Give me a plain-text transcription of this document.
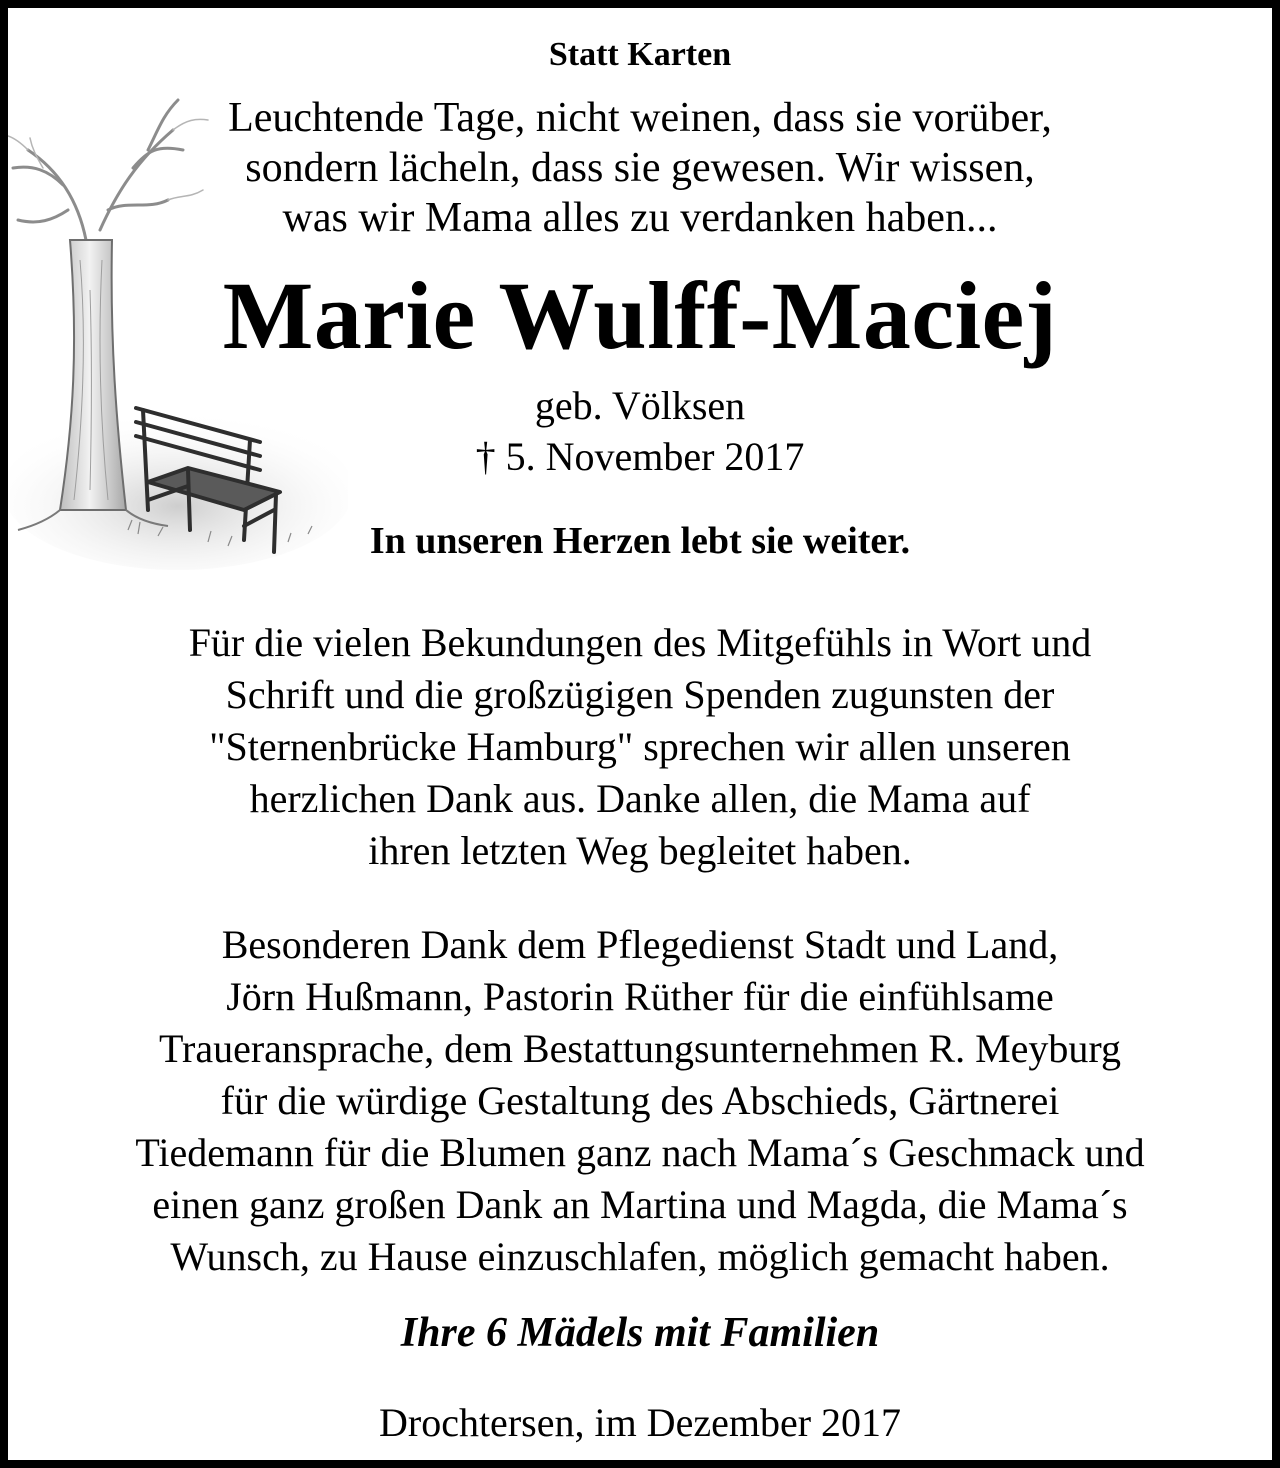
Statt Karten
Leuchtende Tage, nicht weinen, dass sie vorüber,
sondern lächeln, dass sie gewesen. Wir wissen,
was wir Mama alles zu verdanken haben...
Marie Wulff-Maciej
geb. Völksen
† 5. November 2017
In unseren Herzen lebt sie weiter.
Für die vielen Bekundungen des Mitgefühls in Wort und
Schrift und die großzügigen Spenden zugunsten der
"Sternenbrücke Hamburg" sprechen wir allen unseren
herzlichen Dank aus. Danke allen, die Mama auf
ihren letzten Weg begleitet haben.
Besonderen Dank dem Pflegedienst Stadt und Land,
Jörn Hußmann, Pastorin Rüther für die einfühlsame
Traueransprache, dem Bestattungsunternehmen R. Meyburg
für die würdige Gestaltung des Abschieds, Gärtnerei
Tiedemann für die Blumen ganz nach Mama´s Geschmack und
einen ganz großen Dank an Martina und Magda, die Mama´s
Wunsch, zu Hause einzuschlafen, möglich gemacht haben.
Ihre 6 Mädels mit Familien
Drochtersen, im Dezember 2017
